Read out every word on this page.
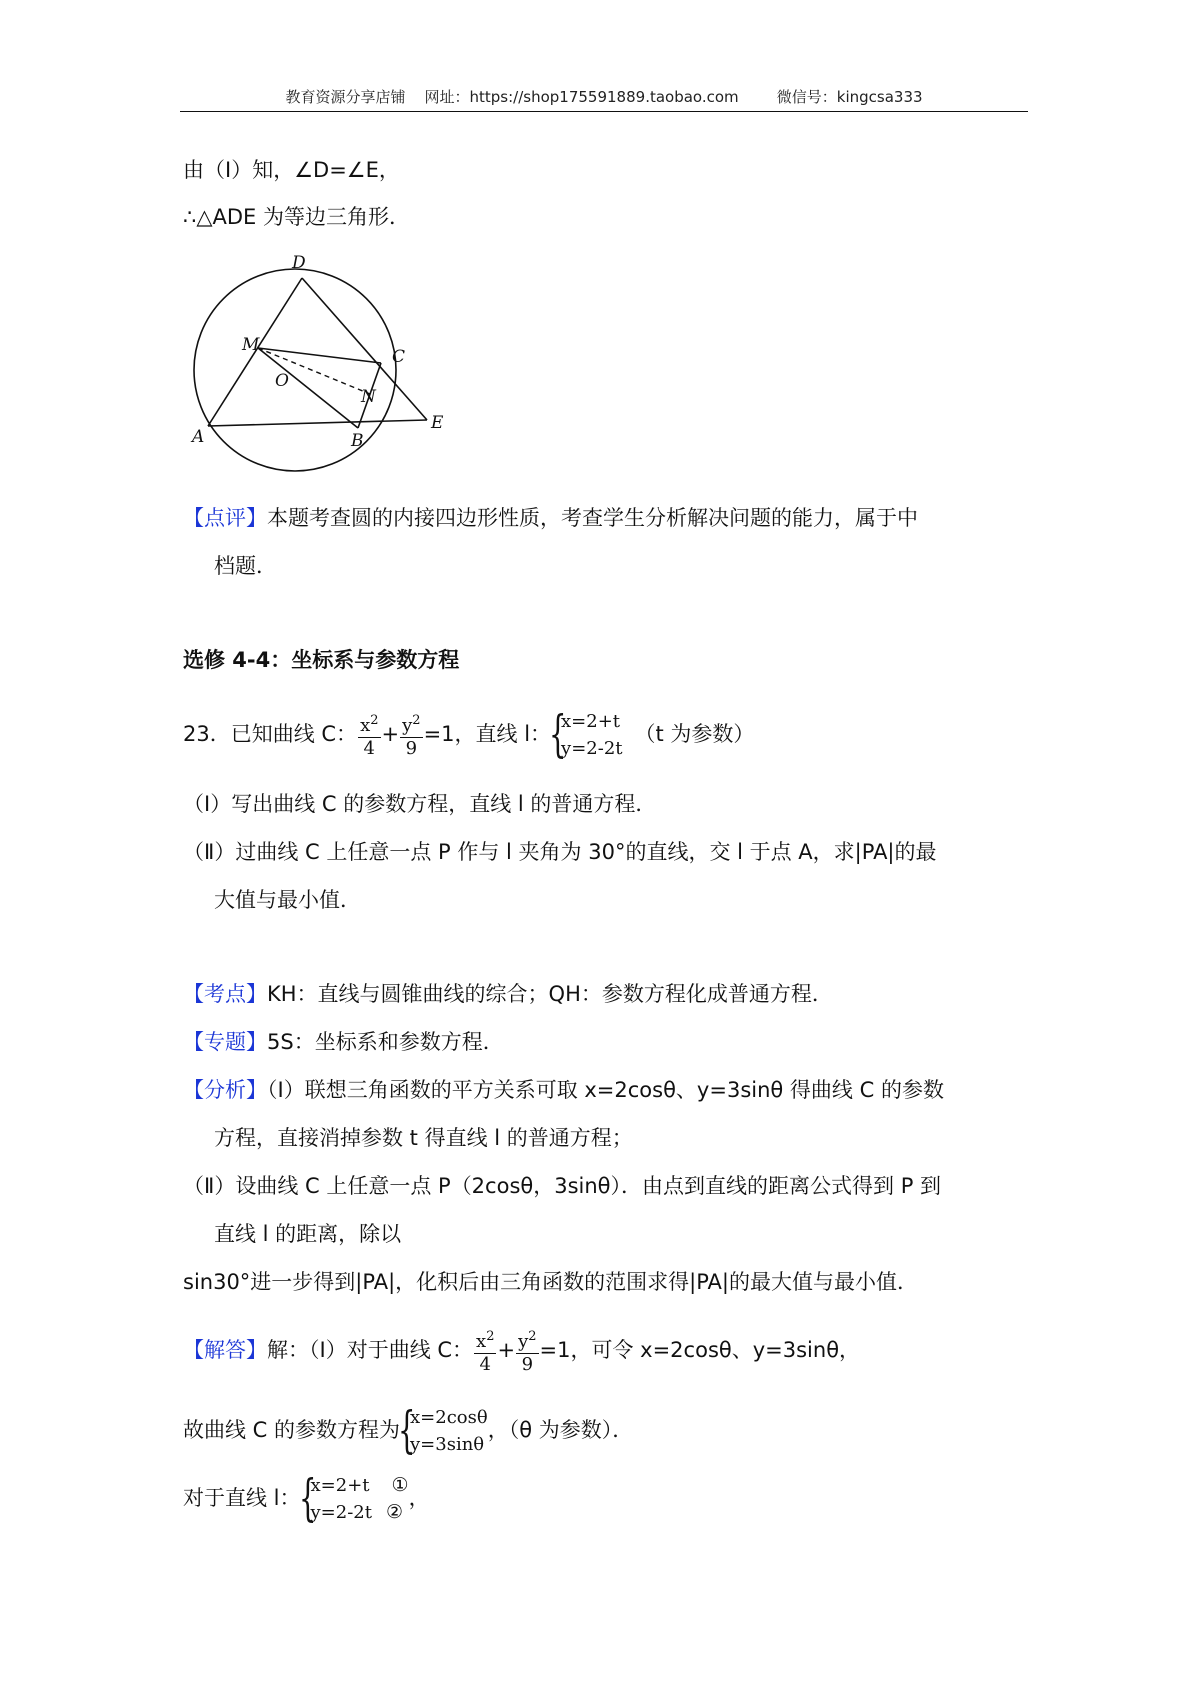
教育资源分享店铺    网址：https://shop175591889.taobao.com        微信号：kingcsa333
由（Ⅰ）知，∠D=∠E，
∴△ADE 为等边三角形．
D
M
C
O
N
A	B
E
【点评】本题考查圆的内接四边形性质，考查学生分析解决问题的能力，属于中
档题．
选修 4-4：坐标系与参数方程
23．已知曲线 C： $\frac{x^2}{4} + \frac{y^2}{9} =1$，直线 l：
{
x=2+t
y=2-2t
（t 为参数）
（Ⅰ）写出曲线 C 的参数方程，直线 l 的普通方程．
（Ⅱ）过曲线 C 上任意一点 P 作与 l 夹角为 30°的直线，交 l 于点 A，求|PA|的最
大值与最小值．
【考点】KH：直线与圆锥曲线的综合；QH：参数方程化成普通方程．
【专题】5S：坐标系和参数方程．
【分析】（Ⅰ）联想三角函数的平方关系可取 x=2cosθ、y=3sinθ 得曲线 C 的参数
方程，直接消掉参数 t 得直线 l 的普通方程；
（Ⅱ）设曲线 C 上任意一点 P（2cosθ，3sinθ）．由点到直线的距离公式得到 P 到
直线 l 的距离，除以
sin30°进一步得到|PA|，化积后由三角函数的范围求得|PA|的最大值与最小值．
【解答】解：（Ⅰ）对于曲线 C： $\frac{x^2}{4} + \frac{y^2}{9} =1$，可令 x=2cosθ、y=3sinθ，
故曲线 C 的参数方程为
{
x=2cosθ
y=3sinθ
，（θ 为参数）．
对于直线 l：
{
x=2+t ①
y=2-2t ②
，
